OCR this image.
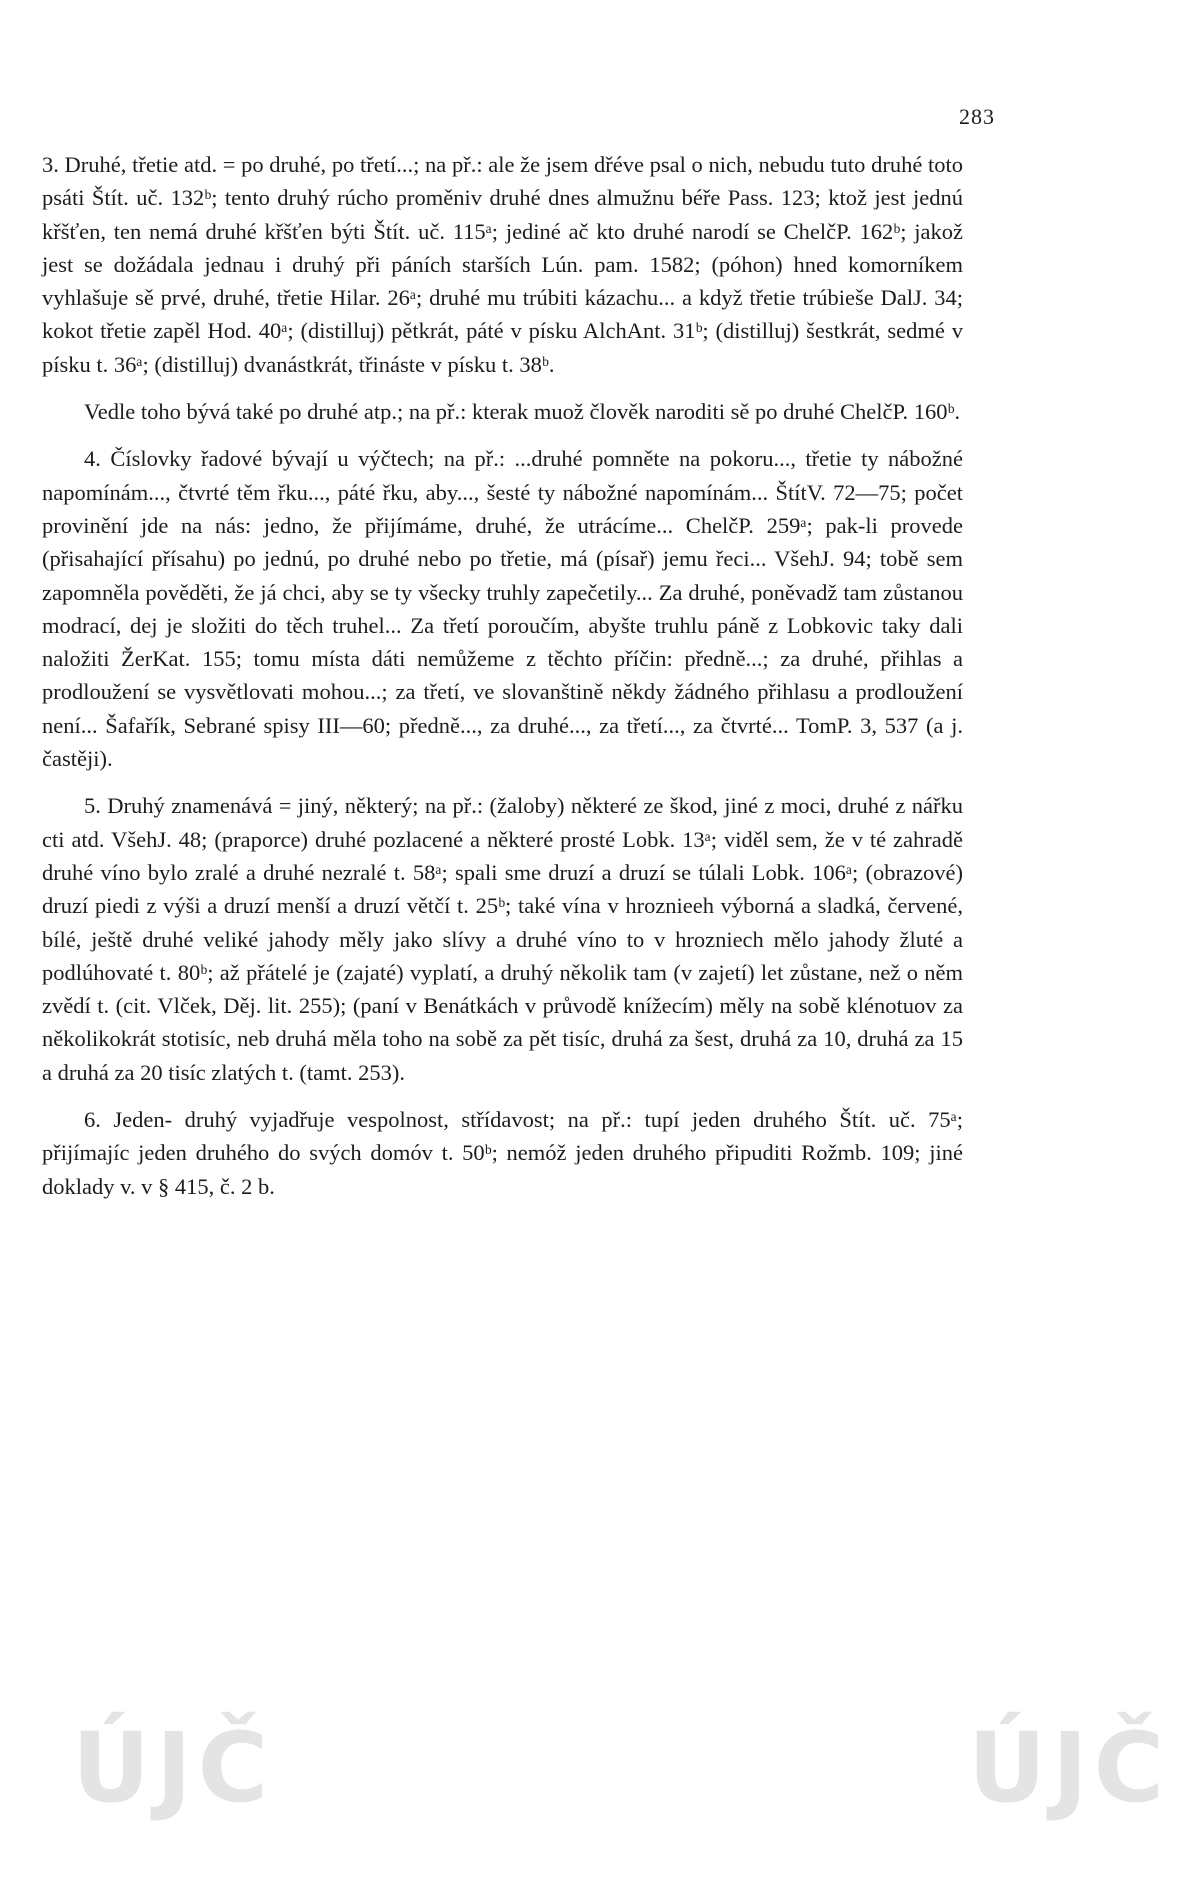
283

3. Druhé, třetie atd. = po druhé, po třetí...; na př.: ale že jsem dřéve psal o nich, nebudu tuto druhé toto psáti Štít. uč. 132ᵇ; tento druhý rúcho proměniv druhé dnes almužnu béře Pass. 123; ktož jest jednú křšťen, ten nemá druhé křšťen býti Štít. uč. 115ᵃ; jediné ač kto druhé narodí se ChelčP. 162ᵇ; jakož jest se dožádala jednau i druhý při páních starších Lún. pam. 1582; (póhon) hned komorníkem vyhlašuje sě prvé, druhé, třetie Hilar. 26ᵃ; druhé mu trúbiti kázachu... a když třetie trúbieše DalJ. 34; kokot třetie zapěl Hod. 40ᵃ; (distilluj) pětkrát, páté v písku AlchAnt. 31ᵇ; (distilluj) šestkrát, sedmé v písku t. 36ᵃ; (distilluj) dvanástkrát, třináste v písku t. 38ᵇ.

Vedle toho bývá také po druhé atp.; na př.: kterak muož člověk naroditi sě po druhé ChelčP. 160ᵇ.

4. Číslovky řadové bývají u výčtech; na př.: ...druhé pomněte na pokoru..., třetie ty nábožné napomínám..., čtvrté těm řku..., páté řku, aby..., šesté ty nábožné napomínám... ŠtítV. 72—75; počet provinění jde na nás: jedno, že přijímáme, druhé, že utrácíme... ChelčP. 259ᵃ; pak-li provede (přisahající přísahu) po jednú, po druhé nebo po třetie, má (písař) jemu řeci... VšehJ. 94; tobě sem zapomněla pověděti, že já chci, aby se ty všecky truhly zapečetily... Za druhé, poněvadž tam zůstanou modrací, dej je složiti do těch truhel... Za třetí poroučím, abyšte truhlu páně z Lobkovic taky dali naložiti ŽerKat. 155; tomu místa dáti nemůžeme z těchto příčin: předně...; za druhé, přihlas a prodloužení se vysvětlovati mohou...; za třetí, ve slovanštině někdy žádného přihlasu a prodloužení není... Šafařík, Sebrané spisy III—60; předně..., za druhé..., za třetí..., za čtvrté... TomP. 3, 537 (a j. častěji).

5. Druhý znamenává = jiný, některý; na př.: (žaloby) některé ze škod, jiné z moci, druhé z nářku cti atd. VšehJ. 48; (praporce) druhé pozlacené a některé prosté Lobk. 13ᵃ; viděl sem, že v té zahradě druhé víno bylo zralé a druhé nezralé t. 58ᵃ; spali sme druzí a druzí se túlali Lobk. 106ᵃ; (obrazové) druzí piedi z výši a druzí menší a druzí větčí t. 25ᵇ; také vína v hroznieeh výborná a sladká, červené, bílé, ještě druhé veliké jahody měly jako slívy a druhé víno to v hrozniech mělo jahody žluté a podlúhovaté t. 80ᵇ; až přátelé je (zajaté) vyplatí, a druhý několik tam (v zajetí) let zůstane, než o něm zvědí t. (cit. Vlček, Děj. lit. 255); (paní v Benátkách v průvodě knížecím) měly na sobě klénotuov za několikokrát stotisíc, neb druhá měla toho na sobě za pět tisíc, druhá za šest, druhá za 10, druhá za 15 a druhá za 20 tisíc zlatých t. (tamt. 253).

6. Jeden- druhý vyjadřuje vespolnost, střídavost; na př.: tupí jeden druhého Štít. uč. 75ᵃ; přijímajíc jeden druhého do svých domóv t. 50ᵇ; nemóž jeden druhého připuditi Rožmb. 109; jiné doklady v. v § 415, č. 2 b.

ÚJČ	ÚJČ
